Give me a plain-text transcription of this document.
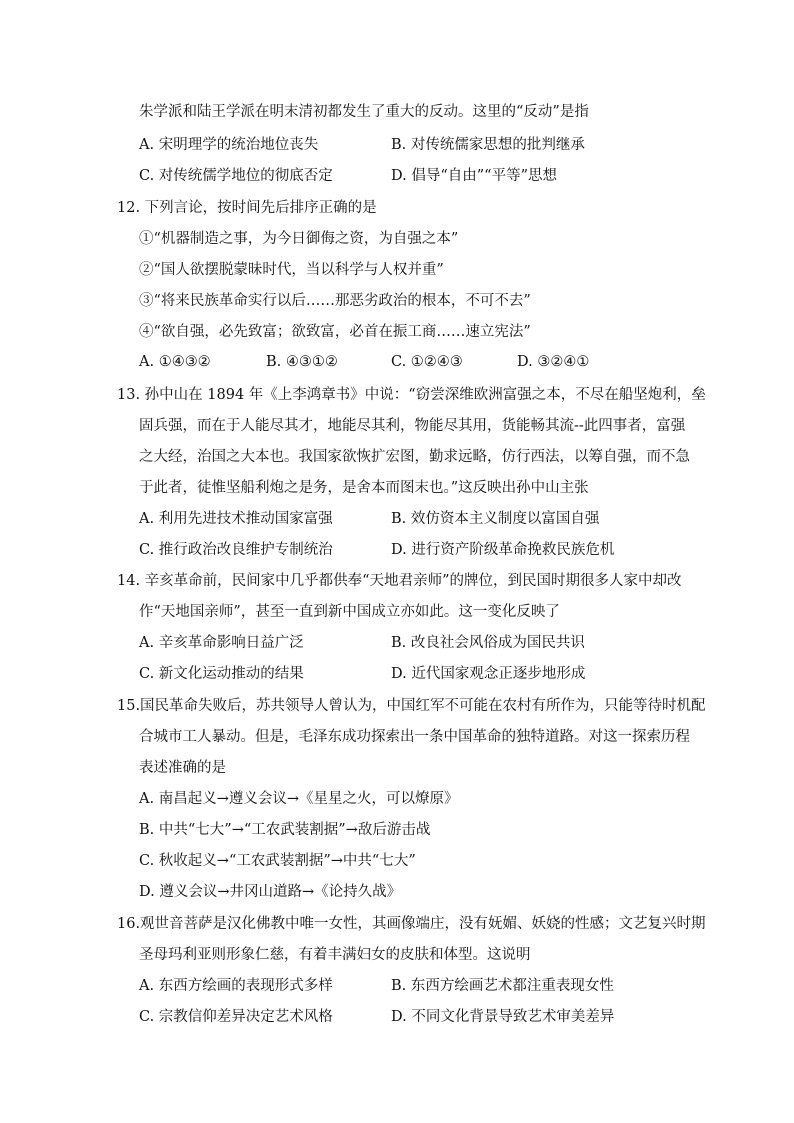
朱学派和陆王学派在明末清初都发生了重大的反动。这里的“反动”是指
A. 宋明理学的统治地位丧失	B. 对传统儒家思想的批判继承
C. 对传统儒学地位的彻底否定	D. 倡导“自由”“平等”思想
12. 下列言论，按时间先后排序正确的是
①“机器制造之事，为今日御侮之资，为自强之本”
②“国人欲摆脱蒙昧时代，当以科学与人权并重”
③“将来民族革命实行以后……那恶劣政治的根本，不可不去”
④“欲自强，必先致富；欲致富，必首在振工商……速立宪法”
A. ①④③②	B. ④③①②	C. ①②④③	D. ③②④①
13. 孙中山在 1894 年《上李鸿章书》中说：“窃尝深维欧洲富强之本，不尽在船坚炮利，垒
固兵强，而在于人能尽其才，地能尽其利，物能尽其用，货能畅其流--此四事者，富强
之大经，治国之大本也。我国家欲恢扩宏图，勤求远略，仿行西法，以筹自强，而不急
于此者，徒惟坚船利炮之是务，是舍本而图末也。”这反映出孙中山主张
A. 利用先进技术推动国家富强	B. 效仿资本主义制度以富国自强
C. 推行政治改良维护专制统治	D. 进行资产阶级革命挽救民族危机
14. 辛亥革命前，民间家中几乎都供奉“天地君亲师”的牌位，到民国时期很多人家中却改
作“天地国亲师”，甚至一直到新中国成立亦如此。这一变化反映了
A. 辛亥革命影响日益广泛	B. 改良社会风俗成为国民共识
C. 新文化运动推动的结果	D. 近代国家观念正逐步地形成
15.国民革命失败后，苏共领导人曾认为，中国红军不可能在农村有所作为，只能等待时机配
合城市工人暴动。但是，毛泽东成功探索出一条中国革命的独特道路。对这一探索历程
表述准确的是
A. 南昌起义→遵义会议→《星星之火，可以燎原》
B. 中共“七大”→“工农武装割据”→敌后游击战
C. 秋收起义→“工农武装割据”→中共“七大”
D. 遵义会议→井冈山道路→《论持久战》
16.观世音菩萨是汉化佛教中唯一女性，其画像端庄，没有妩媚、妖娆的性感；文艺复兴时期
圣母玛利亚则形象仁慈，有着丰满妇女的皮肤和体型。这说明
A. 东西方绘画的表现形式多样	B. 东西方绘画艺术都注重表现女性
C. 宗教信仰差异决定艺术风格	D. 不同文化背景导致艺术审美差异
